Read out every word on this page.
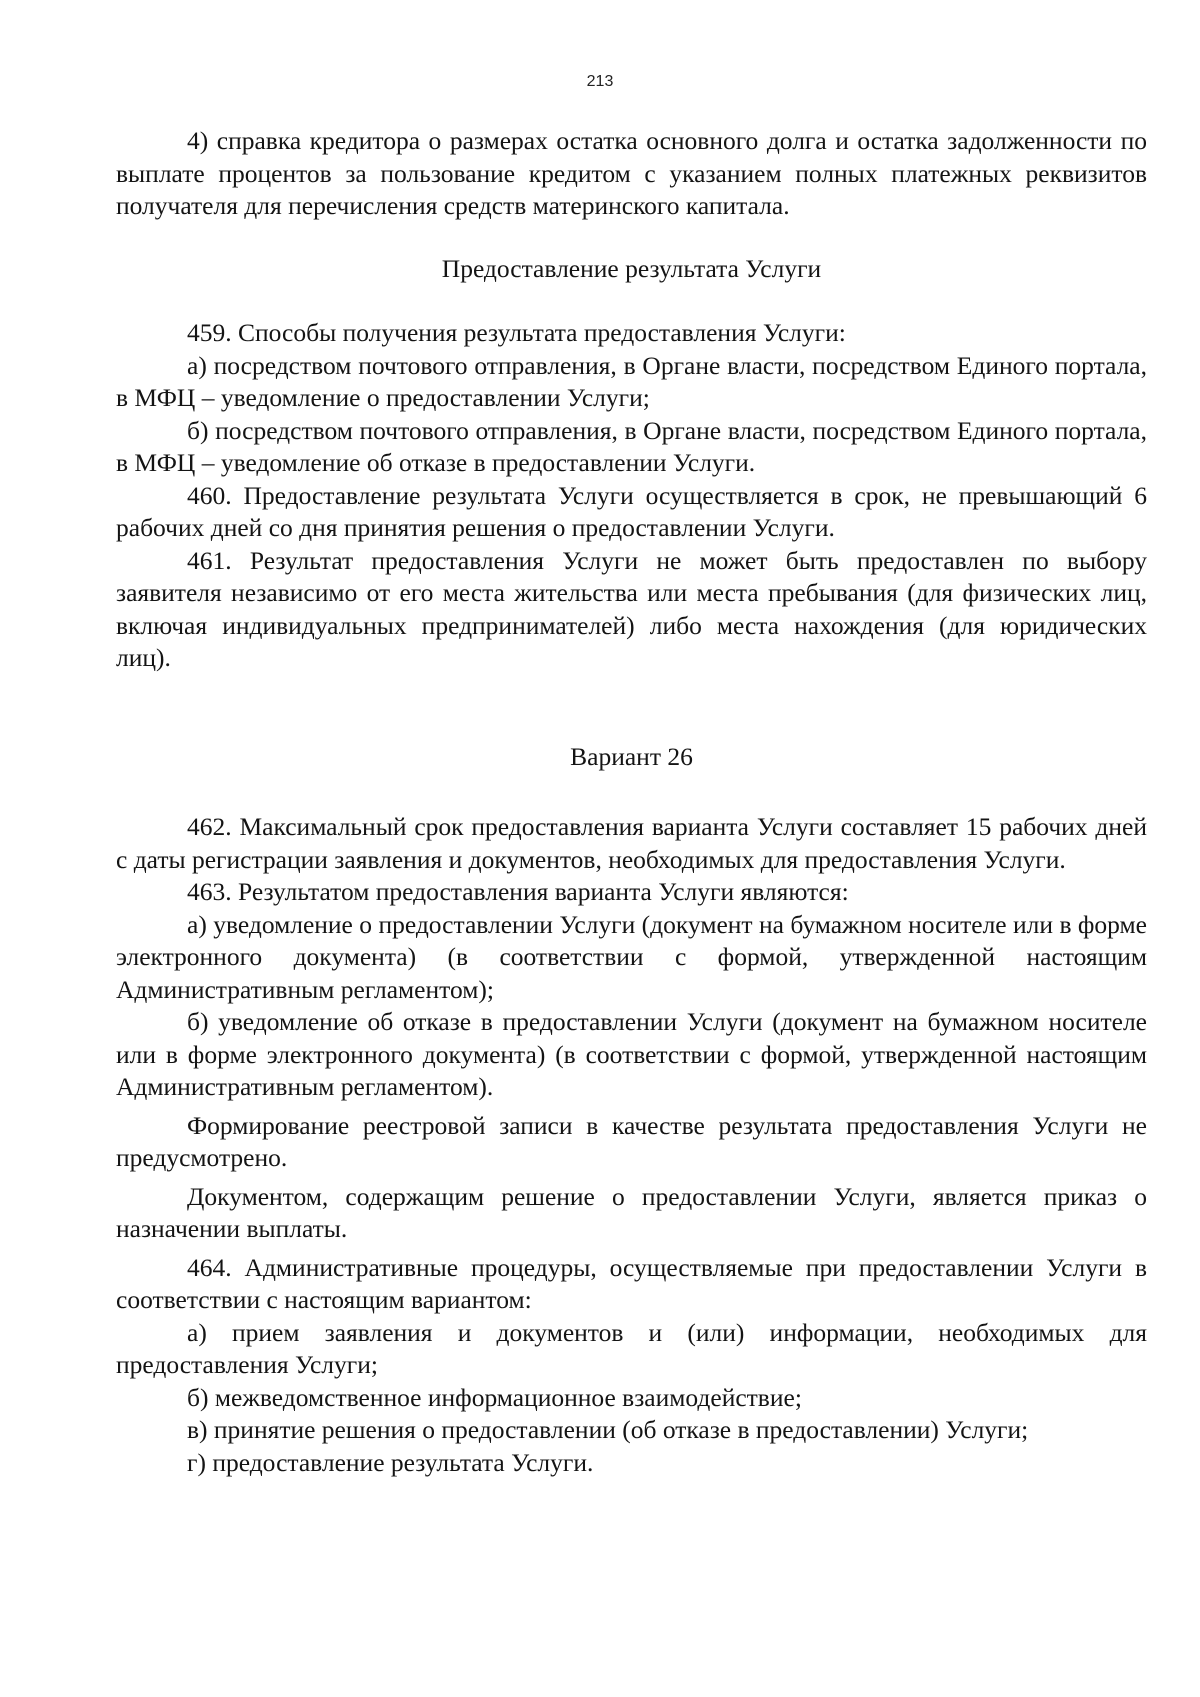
213

4) справка кредитора о размерах остатка основного долга и остатка задолженности по выплате процентов за пользование кредитом с указанием полных платежных реквизитов получателя для перечисления средств материнского капитала.

Предоставление результата Услуги

459. Способы получения результата предоставления Услуги:

а) посредством почтового отправления, в Органе власти, посредством Единого портала, в МФЦ – уведомление о предоставлении Услуги;

б) посредством почтового отправления, в Органе власти, посредством Единого портала, в МФЦ – уведомление об отказе в предоставлении Услуги.

460. Предоставление результата Услуги осуществляется в срок, не превышающий 6 рабочих дней со дня принятия решения о предоставлении Услуги.

461. Результат предоставления Услуги не может быть предоставлен по выбору заявителя независимо от его места жительства или места пребывания (для физических лиц, включая индивидуальных предпринимателей) либо места нахождения (для юридических лиц).

Вариант 26

462. Максимальный срок предоставления варианта Услуги составляет 15 рабочих дней с даты регистрации заявления и документов, необходимых для предоставления Услуги.

463. Результатом предоставления варианта Услуги являются:

а) уведомление о предоставлении Услуги (документ на бумажном носителе или в форме электронного документа) (в соответствии с формой, утвержденной настоящим Административным регламентом);

б) уведомление об отказе в предоставлении Услуги (документ на бумажном носителе или в форме электронного документа) (в соответствии с формой, утвержденной настоящим Административным регламентом).

Формирование реестровой записи в качестве результата предоставления Услуги не предусмотрено.

Документом, содержащим решение о предоставлении Услуги, является приказ о назначении выплаты.

464. Административные процедуры, осуществляемые при предоставлении Услуги в соответствии с настоящим вариантом:

а) прием заявления и документов и (или) информации, необходимых для предоставления Услуги;

б) межведомственное информационное взаимодействие;

в) принятие решения о предоставлении (об отказе в предоставлении) Услуги;

г) предоставление результата Услуги.
